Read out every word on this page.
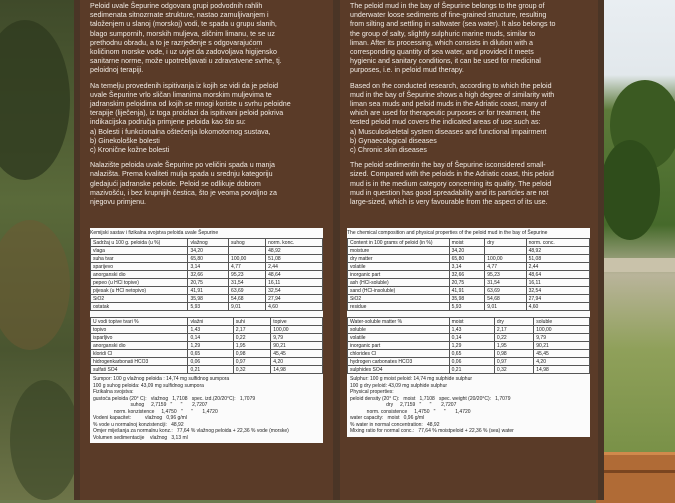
Peloid uvale Šepurine odgovara grupi podvodnih rahlih
sedimenata sitnozrnate strukture, nastao zamuljivanjem i
taloženjem u slanoj (morskoj) vodi, te spada u grupu slanih,
blago sumpornih, morskih muljeva, sličnim limanu, te se uz
prethodnu obradu, a to je razrjeđenje s odgovarajućom
količinom morske vode, i uz uvjet da zadovoljava higijensko
sanitarne norme, može upotrebljavati u zdravstvene svrhe, tj.
peloidnoj terapiji.

Na temelju provedenih ispitivanja iz kojih se vidi da je peloid
uvale Šepurine vrlo sličan limanima morskim muljevima te
jadranskim peloidima od kojih se mnogi koriste u svrhu peloidne
terapije (liječenja), iz toga proizlazi da ispitivani peloid pokriva
indikacijska područja primjene peloida kao što su:
a) Bolesti i funkcionalna oštećenja lokomotornog sustava,
b) Ginekološke bolesti
c) Kronične kožne bolesti

Nalazište peloida uvale Šepurine po veličini spada u manja
nalazišta. Prema kvaliteti mulja spada u srednju kategoriju
gledajući jadranske peloide. Peloid se odlikuje dobrom
mazivošću, i bez krupnijih čestica, što je veoma povoljno za
njegovu primjenu.

Kemijski sastav i fizikalna svojstva peloida uvale Šepurine
Sadržaj u 100 g. peloida (u %)	vlažnog	suhog	norm. konc.
vlaga	34,20		48,92
suha tvar	65,80	100,00	51,08
sparijevo	3,14	4,77	2,44
anorganski dio	32,66	95,23	48,64
pepeo (u HCl topive)	20,75	31,54	16,11
pijesak (u HCl netopivo)	41,91	63,69	32,54
SiO2	35,98	54,68	27,94
ostatak	5,93	9,01	4,60
U vodi topive tvari %	vlažni	suhi	topive
topivo	1,43	2,17	100,00
isparljivo	0,14	0,22	9,79
anorganski dio	1,29	1,95	90,21
kloridi Cl	0,65	0,98	45,45
hidrogenkarbonati HCO3	0,06	0,97	4,20
sulfati SO4	0,21	0,32	14,98
Sumpor: 100 g vlažnog peloida : 14,74 mg sulfidnog sumpora
100 g suhog peloida: 43,09 mg sulfidnog sumpora
Fizikalna svojstva:
gustoća peloida (20° C):   vlažnog   1,7108   spec. izd.(20/20°C):   1,7079
suhog     2,7159   "      "       2,7207
norm. konzistence     1,4750   "      "       1,4720
Vodeni kapacitet:          vlažnog   0,96 g/ml
% vode u normalnoj konzistenciji:   48,92
Omjer miješanja za normalnu konz.:   77,64 % vlažnog peloida + 22,36 % vode (morske)
Volumen sedimentacije    vlažnog   3,13 ml

The peloid mud in the bay of Šepurine belongs to the group of
underwater loose sediments of fine-grained structure, resulting
from silting and settling in saltwater (sea water). It also belongs to
the group of salty, slightly sulphuric marine muds, similar to
liman. After its processing, which consists in dilution with a
corresponding quantity of sea water, and provided it meets
hygienic and sanitary conditions, it can be used for medicinal
purposes, i.e. in peloid mud therapy.

Based on the conducted research, according to which the peloid
mud in the bay of Šepurine shows a high degree of similarity with
liman sea muds and peloid muds in the Adriatic coast, many of
which are used for therapeutic purposes or for treatment, the
tested peloid mud covers the indicated areas of use such as:
a) Musculoskeletal system diseases and functional impairment
b) Gynaecological diseases
c) Chronic skin diseases

The peloid sedimentin the bay of Šepurine isconsidered small-
sized. Compared with the peloids in the Adriatic coast, this peloid
mud is in the medium category concerning its quality. The peloid
mud in question has good spreadability and its particles are not
large-sized, which is very favourable from the aspect of its use.

The chemical composition and physical properties of the peloid mud in the bay of Šepurine
Content in 100 grams of peloid (in %)	moist	dry	norm. conc.
moisture	34,20		48,92
dry matter	65,80	100,00	51,08
volatile	3,14	4,77	2,44
inorganic part	32,66	95,23	48,64
ash (HCl-soluble)	20,75	31,54	16,11
sand (HCl-insoluble)	41,91	63,69	32,54
SiO2	35,98	54,68	27,94
residue	5,93	9,01	4,60
Water-soluble matter %	moist	dry	soluble
soluble	1,43	2,17	100,00
volatile	0,14	0,22	9,79
inorganic part	1,29	1,95	90,21
chlorides Cl	0,65	0,98	45,45
hydrogen carbonates HCO3	0,06	0,97	4,20
sulphides SO4	0,21	0,32	14,98
Sulphur: 100 g moist peloid: 14,74 mg sulphide sulphur
100 g dry peloid: 43,09 mg sulphide sulphur
Physical properties:
peloid density (20° C):   moist   1,7108   spec. weight (20/20°C):   1,7079
dry     2,7159   "      "       2,7207
norm. consistence     1,4750   "      "       1,4720
water capacity:   moist   0,96 g/ml
% water in normal concentration:   48,92
Mixing ratio for normal conc.:   77,64 % moistpeloid + 22,36 % (sea) water
